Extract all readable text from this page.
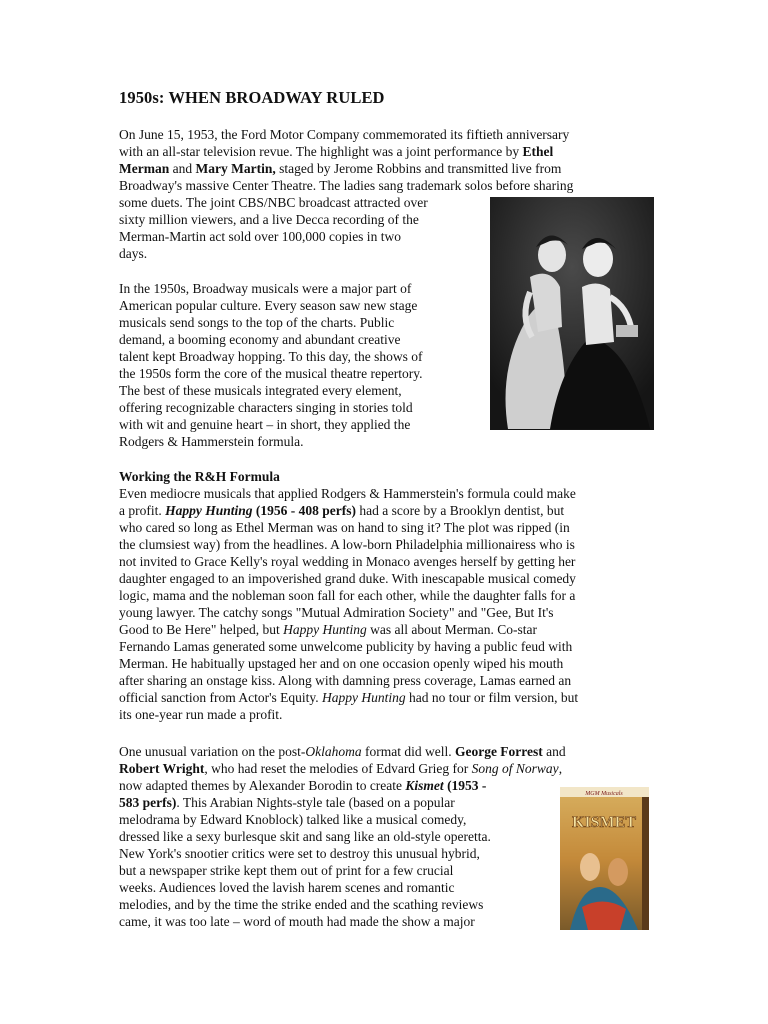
1950s: WHEN BROADWAY RULED
On June 15, 1953, the Ford Motor Company commemorated its fiftieth anniversary
with an all-star television revue. The highlight was a joint performance by Ethel
Merman and Mary Martin, staged by Jerome Robbins and transmitted live from
Broadway's massive Center Theatre. The ladies sang trademark solos before sharing
some duets. The joint CBS/NBC broadcast attracted over
sixty million viewers, and a live Decca recording of the
Merman-Martin act sold over 100,000 copies in two
days.
In the 1950s, Broadway musicals were a major part of
American popular culture. Every season saw new stage
musicals send songs to the top of the charts. Public
demand, a booming economy and abundant creative
talent kept Broadway hopping. To this day, the shows of
the 1950s form the core of the musical theatre repertory.
The best of these musicals integrated every element,
offering recognizable characters singing in stories told
with wit and genuine heart – in short, they applied the
Rodgers & Hammerstein formula.
Working the R&H Formula
Even mediocre musicals that applied Rodgers & Hammerstein's formula could make
a profit. Happy Hunting (1956 - 408 perfs) had a score by a Brooklyn dentist, but
who cared so long as Ethel Merman was on hand to sing it? The plot was ripped (in
the clumsiest way) from the headlines. A low-born Philadelphia millionairess who is
not invited to Grace Kelly's royal wedding in Monaco avenges herself by getting her
daughter engaged to an impoverished grand duke. With inescapable musical comedy
logic, mama and the nobleman soon fall for each other, while the daughter falls for a
young lawyer. The catchy songs "Mutual Admiration Society" and "Gee, But It's
Good to Be Here" helped, but Happy Hunting was all about Merman. Co-star
Fernando Lamas generated some unwelcome publicity by having a public feud with
Merman. He habitually upstaged her and on one occasion openly wiped his mouth
after sharing an onstage kiss. Along with damning press coverage, Lamas earned an
official sanction from Actor's Equity. Happy Hunting had no tour or film version, but
its one-year run made a profit.
One unusual variation on the post-Oklahoma format did well. George Forrest and
Robert Wright, who had reset the melodies of Edvard Grieg for Song of Norway,
now adapted themes by Alexander Borodin to create Kismet (1953 -
583 perfs). This Arabian Nights-style tale (based on a popular
melodrama by Edward Knoblock) talked like a musical comedy,
dressed like a sexy burlesque skit and sang like an old-style operetta.
New York's snootier critics were set to destroy this unusual hybrid,
but a newspaper strike kept them out of print for a few crucial
weeks. Audiences loved the lavish harem scenes and romantic
melodies, and by the time the strike ended and the scathing reviews
came, it was too late – word of mouth had made the show a major
MGM Musicals
KISMET
